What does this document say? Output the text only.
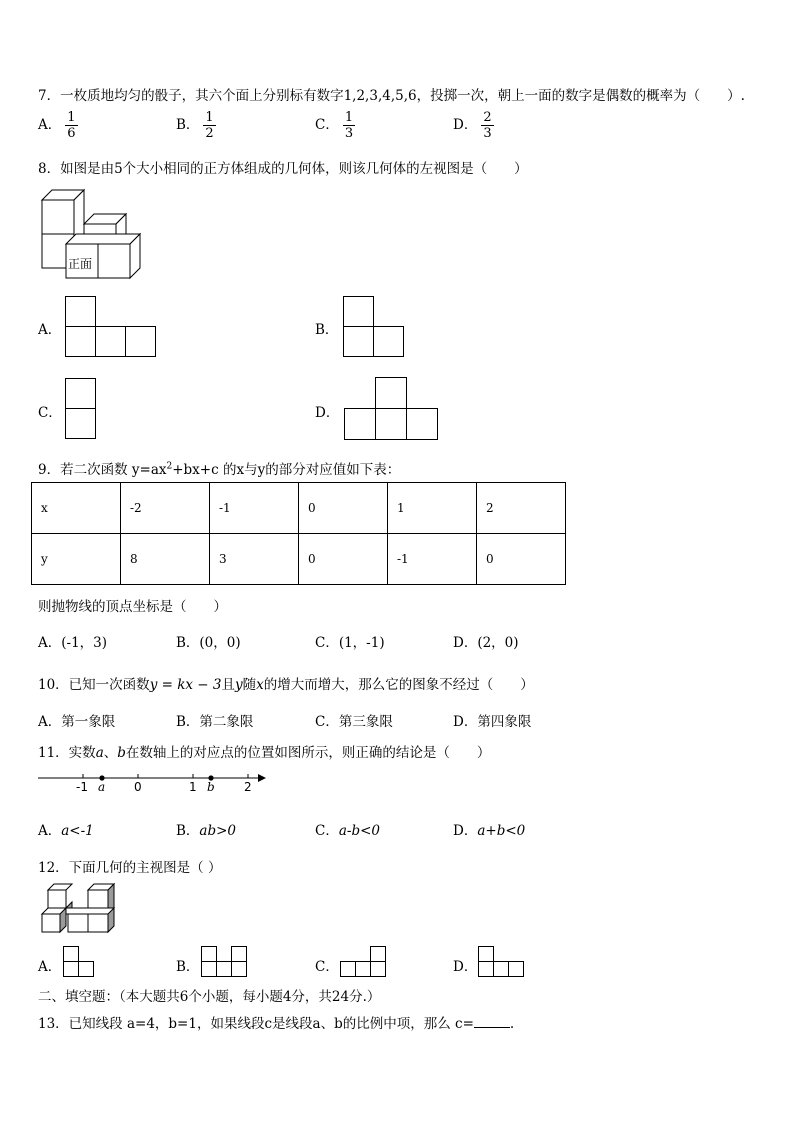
7．一枚质地均匀的骰子，其六个面上分别标有数字1,2,3,4,5,6，投掷一次，朝上一面的数字是偶数的概率为（　　）.
A． $\frac{1}{6}$	B． $\frac{1}{2}$	C． $\frac{1}{3}$	D． $\frac{2}{3}$
8．如图是由5个大小相同的正方体组成的几何体，则该几何体的左视图是（　　）
正面
A．	B．
C．	D．
9．若二次函数 $y=ax^2+bx+c$ 的x与y的部分对应值如下表：
x	-2	-1	0	1	2
y	8	3	0	-1	0
则抛物线的顶点坐标是（　　）
A．(-1，3)	B．(0，0)	C．(1，-1)	D．(2，0)
10．已知一次函数y = kx − 3且y随x的增大而增大，那么它的图象不经过（　　）
A．第一象限	B．第二象限	C．第三象限	D．第四象限
11．实数a、b在数轴上的对应点的位置如图所示，则正确的结论是（　　）
-1 a 0	1 b 2
A．a<-1	B．ab>0	C．a-b<0	D．a+b<0
12．下面几何的主视图是（ ）
A．	B．	C．	D．
二、填空题：（本大题共6个小题，每小题4分，共24分.）
13．已知线段 a=4，b=1，如果线段c是线段a、b的比例中项，那么 c=	.
